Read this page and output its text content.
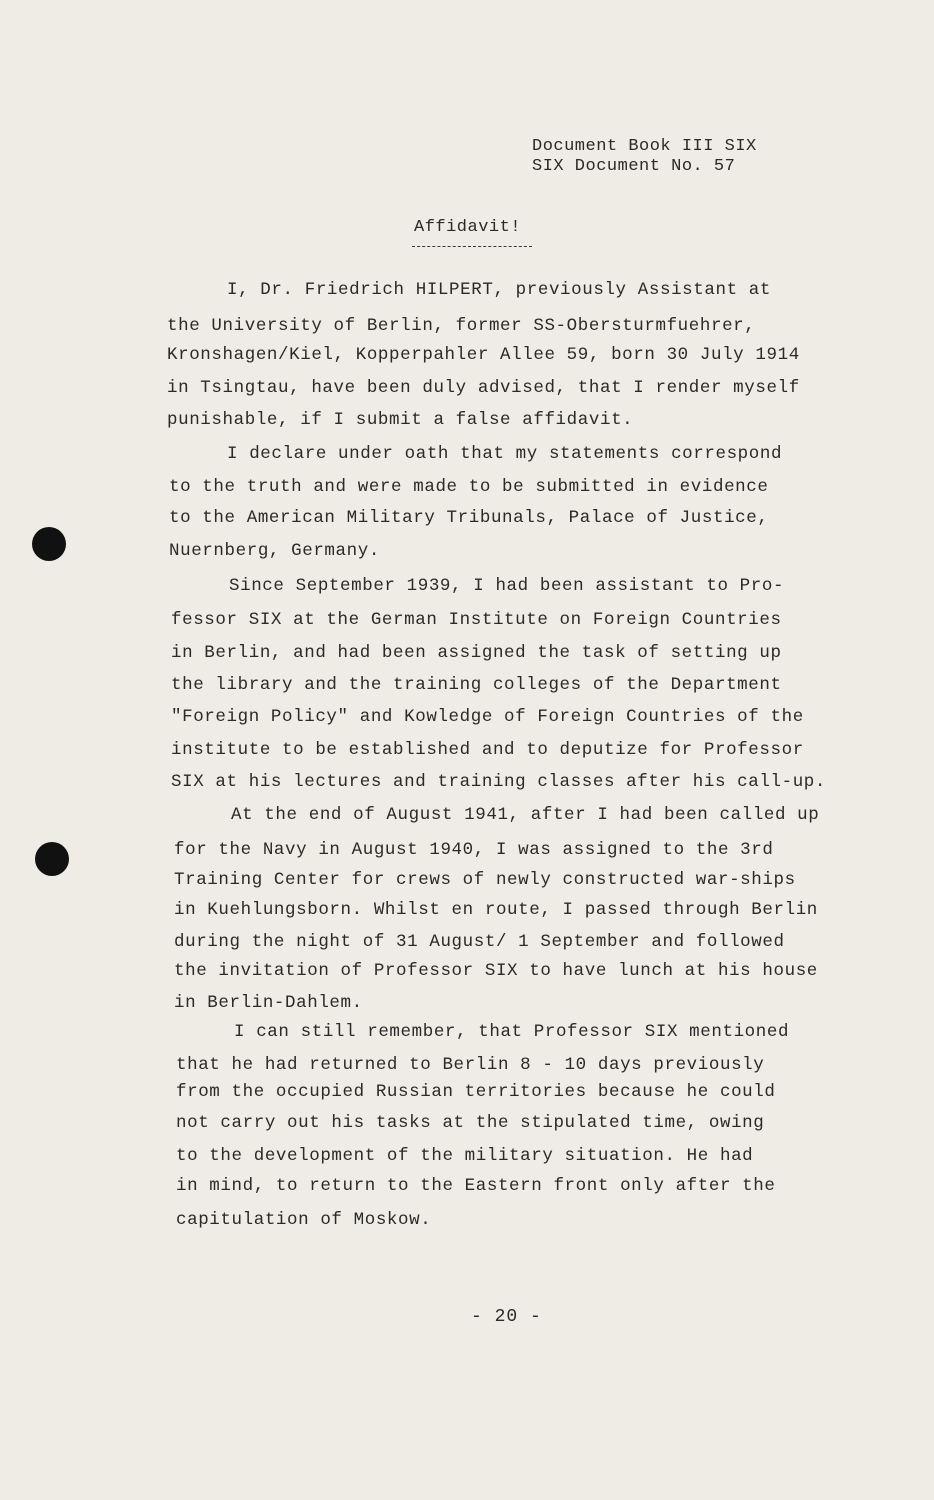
Document Book III SIX
SIX Document No. 57
Affidavit!
I, Dr. Friedrich HILPERT, previously Assistant at
the University of Berlin, former SS-Obersturmfuehrer,
Kronshagen/Kiel, Kopperpahler Allee 59, born 30 July 1914
in Tsingtau, have been duly advised, that I render myself
punishable, if I submit a false affidavit.
I declare under oath that my statements correspond
to the truth and were made to be submitted in evidence
to the American Military Tribunals, Palace of Justice,
Nuernberg, Germany.
Since September 1939, I had been assistant to Pro-
fessor SIX at the German Institute on Foreign Countries
in Berlin, and had been assigned the task of setting up
the library and the training colleges of the Department
"Foreign Policy" and Kowledge of Foreign Countries of the
institute to be established and to deputize for Professor
SIX at his lectures and training classes after his call-up.
At the end of August 1941, after I had been called up
for the Navy in August 1940, I was assigned to the 3rd
Training Center for crews of newly constructed war-ships
in Kuehlungsborn. Whilst en route, I passed through Berlin
during the night of 31 August/ 1 September and followed
the invitation of Professor SIX to have lunch at his house
in Berlin-Dahlem.
I can still remember, that Professor SIX mentioned
that he had returned to Berlin 8 - 10 days previously
from the occupied Russian territories because he could
not carry out his tasks at the stipulated time, owing
to the development of the military situation. He had
in mind, to return to the Eastern front only after the
capitulation of Moskow.
- 20 -
